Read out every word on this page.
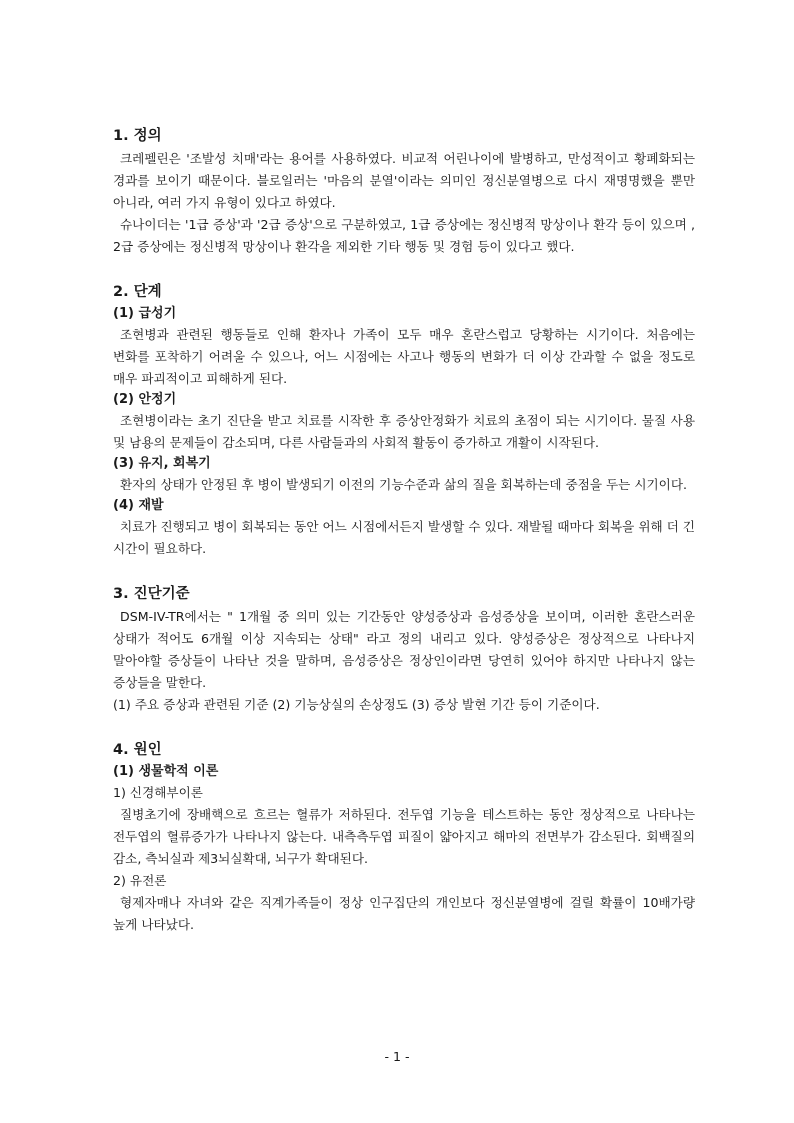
1. 정의

크레펠린은 '조발성 치매'라는 용어를 사용하였다. 비교적 어린나이에 발병하고, 만성적이고 황폐화되는 경과를 보이기 때문이다. 블로일러는 '마음의 분열'이라는 의미인 정신분열병으로 다시 재명명했을 뿐만 아니라, 여러 가지 유형이 있다고 하였다.

슈나이더는 '1급 증상'과 '2급 증상'으로 구분하였고, 1급 증상에는 정신병적 망상이나 환각 등이 있으며 , 2급 증상에는 정신병적 망상이나 환각을 제외한 기타 행동 및 경험 등이 있다고 했다.

2. 단계
(1) 급성기

조현병과 관련된 행동들로 인해 환자나 가족이 모두 매우 혼란스럽고 당황하는 시기이다. 처음에는 변화를 포착하기 어려울 수 있으나, 어느 시점에는 사고나 행동의 변화가 더 이상 간과할 수 없을 정도로 매우 파괴적이고 피해하게 된다.

(2) 안정기

조현병이라는 초기 진단을 받고 치료를 시작한 후 증상안정화가 치료의 초점이 되는 시기이다. 물질 사용 및 남용의 문제들이 감소되며, 다른 사람들과의 사회적 활동이 증가하고 개활이 시작된다.

(3) 유지, 회복기

환자의 상태가 안정된 후 병이 발생되기 이전의 기능수준과 삶의 질을 회복하는데 중점을 두는 시기이다.

(4) 재발

치료가 진행되고 병이 회복되는 동안 어느 시점에서든지 발생할 수 있다. 재발될 때마다 회복을 위해 더 긴 시간이 필요하다.

3. 진단기준

DSM-IV-TR에서는 " 1개월 중 의미 있는 기간동안 양성증상과 음성증상을 보이며, 이러한 혼란스러운 상태가 적어도 6개월 이상 지속되는 상태" 라고 정의 내리고 있다. 양성증상은 정상적으로 나타나지 말아야할 증상들이 나타난 것을 말하며, 음성증상은 정상인이라면 당연히 있어야 하지만 나타나지 않는 증상들을 말한다.

(1) 주요 증상과 관련된 기준 (2) 기능상실의 손상정도 (3) 증상 발현 기간 등이 기준이다.

4. 원인
(1) 생물학적 이론

1) 신경해부이론

질병초기에 장배핵으로 흐르는 혈류가 저하된다. 전두엽 기능을 테스트하는 동안 정상적으로 나타나는 전두엽의 혈류증가가 나타나지 않는다. 내측측두엽 피질이 얇아지고 해마의 전면부가 감소된다. 회백질의 감소, 측뇌실과 제3뇌실확대, 뇌구가 확대된다.

2) 유전론

형제자매나 자녀와 같은 직계가족들이 정상 인구집단의 개인보다 정신분열병에 걸릴 확률이 10배가량 높게 나타났다.

- 1 -
